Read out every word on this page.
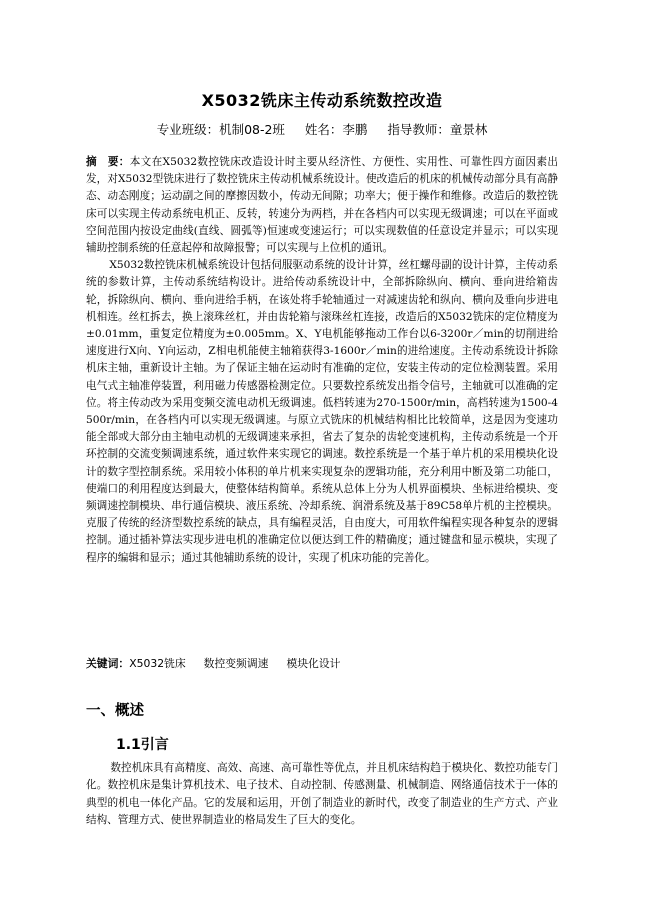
X5032铣床主传动系统数控改造
专业班级：机制08-2班 姓名：李鹏 指导教师：童景林

摘　要：本文在X5032数控铣床改造设计时主要从经济性、方便性、实用性、可靠性四方面因素出发，对X5032型铣床进行了数控铣床主传动机械系统设计。使改造后的机床的机械传动部分具有高静态、动态刚度；运动副之间的摩擦因数小，传动无间隙；功率大；便于操作和维修。改造后的数控铣床可以实现主传动系统电机正、反转，转速分为两档，并在各档内可以实现无级调速；可以在平面或空间范围内按设定曲线(直线、圆弧等)恒速或变速运行；可以实现数值的任意设定并显示；可以实现辅助控制系统的任意起停和故障报警；可以实现与上位机的通讯。

X5032数控铣床机械系统设计包括伺服驱动系统的设计计算，丝杠螺母副的设计计算，主传动系统的参数计算，主传动系统结构设计。进给传动系统设计中，全部拆除纵向、横向、垂向进给箱齿轮，拆除纵向、横向、垂向进给手柄，在该处将手轮轴通过一对减速齿轮和纵向、横向及垂向步进电机相连。丝杠拆去，换上滚珠丝杠，并由齿轮箱与滚珠丝杠连接，改造后的X5032铣床的定位精度为±0.01mm，重复定位精度为±0.005mm。X、Y电机能够拖动工作台以6-3200r／min的切削进给速度进行X向、Y向运动，Z相电机能使主轴箱获得3-1600r／min的进给速度。主传动系统设计拆除机床主轴，重新设计主轴。为了保证主轴在运动时有准确的定位，安装主传动的定位检测装置。采用电气式主轴准停装置，利用磁力传感器检测定位。只要数控系统发出指令信号，主轴就可以准确的定位。将主传动改为采用变频交流电动机无级调速。低档转速为270-1500r/min，高档转速为1500-4500r/min，在各档内可以实现无级调速。与原立式铣床的机械结构相比比较简单，这是因为变速功能全部或大部分由主轴电动机的无级调速来承担，省去了复杂的齿轮变速机构，主传动系统是一个开环控制的交流变频调速系统，通过软件来实现它的调速。数控系统是一个基于单片机的采用模块化设计的数字型控制系统。采用较小体积的单片机来实现复杂的逻辑功能，充分利用中断及第二功能口，使端口的利用程度达到最大，使整体结构简单。系统从总体上分为人机界面模块、坐标进给模块、变频调速控制模块、串行通信模块、液压系统、冷却系统、润滑系统及基于89C58单片机的主控模块。克服了传统的经济型数控系统的缺点，具有编程灵活，自由度大，可用软件编程实现各种复杂的逻辑控制。通过插补算法实现步进电机的准确定位以便达到工件的精确度；通过键盘和显示模块，实现了程序的编辑和显示；通过其他辅助系统的设计，实现了机床功能的完善化。

关键词：X5032铣床 数控变频调速 模块化设计
一、概述
1.1引言

数控机床具有高精度、高效、高速、高可靠性等优点，并且机床结构趋于模块化、数控功能专门化。数控机床是集计算机技术、电子技术、自动控制、传感测量、机械制造、网络通信技术于一体的典型的机电一体化产品。它的发展和运用，开创了制造业的新时代，改变了制造业的生产方式、产业结构、管理方式、使世界制造业的格局发生了巨大的变化。
